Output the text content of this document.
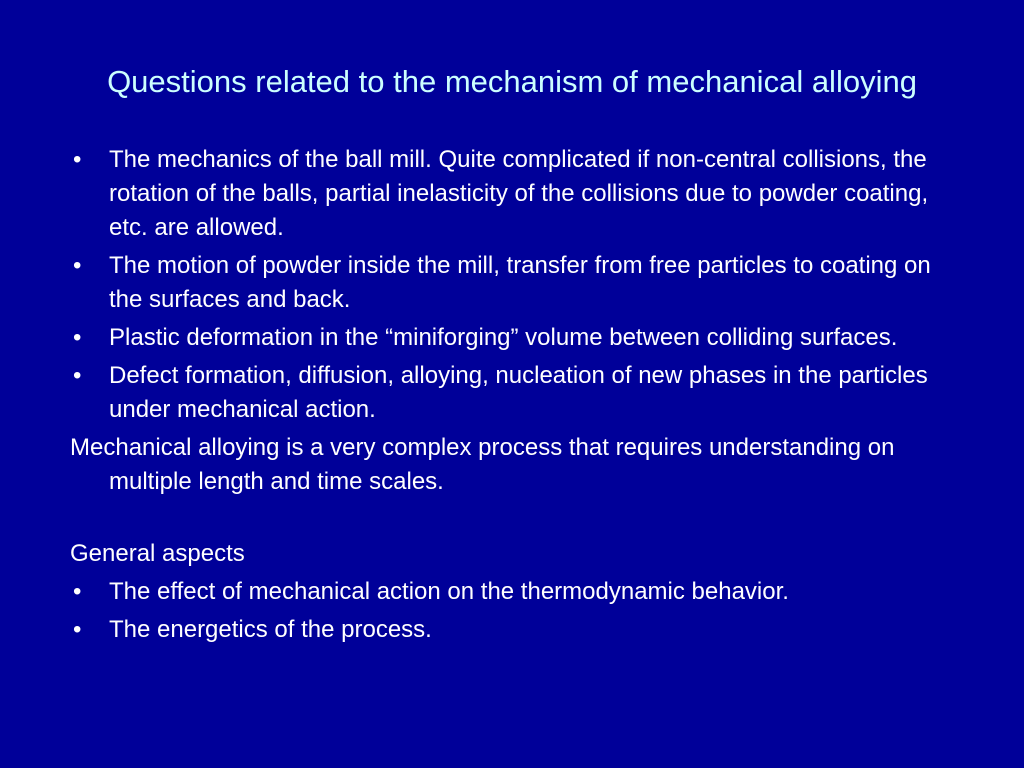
Questions related to the mechanism of mechanical alloying
• The mechanics of the ball mill. Quite complicated if non-central collisions, the rotation of the balls, partial inelasticity of the collisions due to powder coating, etc. are allowed.
• The motion of powder inside the mill, transfer from free particles to coating on the surfaces and back.
• Plastic deformation in the “miniforging” volume between colliding surfaces.
• Defect formation, diffusion, alloying, nucleation of new phases in the particles under mechanical action.
Mechanical alloying is a very complex process that requires understanding on multiple length and time scales.
General aspects
• The effect of mechanical action on the thermodynamic behavior.
• The energetics of the process.
